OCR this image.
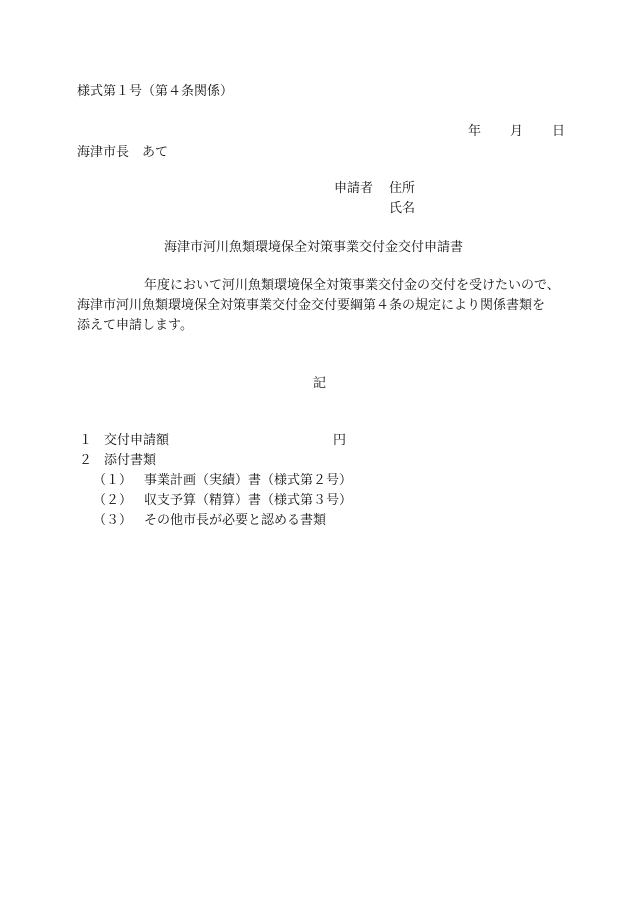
様式第１号（第４条関係）
年 月 日
海津市長　あて
申請者 住所
氏名
海津市河川魚類環境保全対策事業交付金交付申請書
年度において河川魚類環境保全対策事業交付金の交付を受けたいので、
海津市河川魚類環境保全対策事業交付金交付要綱第４条の規定により関係書類を
添えて申請します。
記
１ 交付申請額	円
２ 添付書類
（１） 事業計画（実績）書（様式第２号）
（２） 収支予算（精算）書（様式第３号）
（３） その他市長が必要と認める書類
